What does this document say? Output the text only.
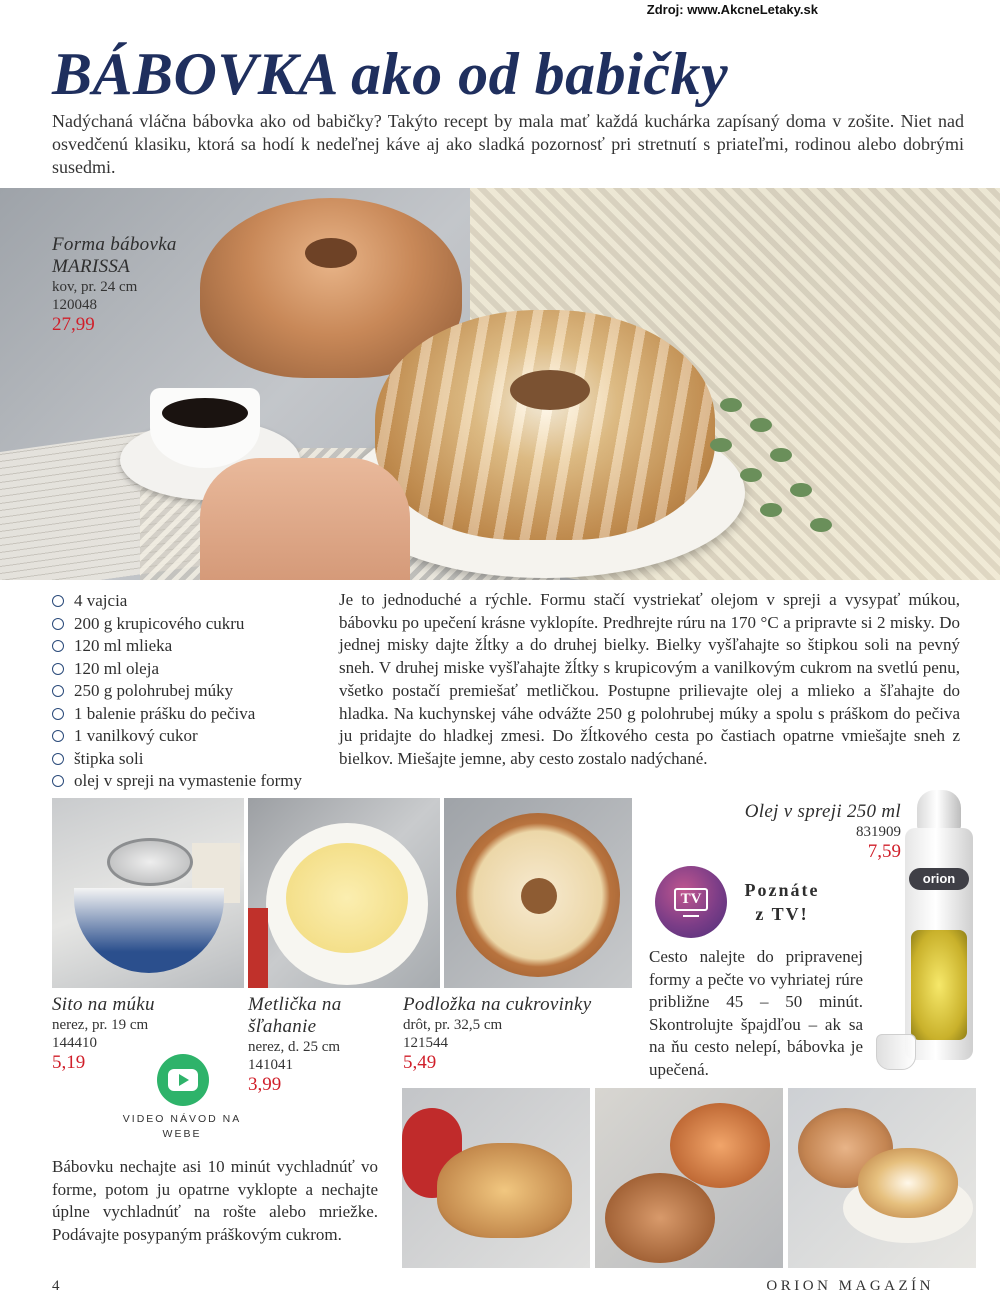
Zdroj: www.AkcneLetaky.sk
BÁBOVKA ako od babičky

Nadýchaná vláčna bábovka ako od babičky? Takýto recept by mala mať každá kuchárka zapísaný doma v zošite. Niet nad osvedčenú klasiku, ktorá sa hodí k nedeľnej káve aj ako sladká pozornosť pri stretnutí s priateľmi, rodinou alebo dobrými susedmi.

Forma bábovka
MARISSA
kov, pr. 24 cm
120048
27,99
4 vajcia
200 g krupicového cukru
120 ml mlieka
120 ml oleja
250 g polohrubej múky
1 balenie prášku do pečiva
1 vanilkový cukor
štipka soli
olej v spreji na vymastenie formy

Je to jednoduché a rýchle. Formu stačí vystriekať olejom v spreji a vysypať múkou, bábovku po upečení krásne vyklopíte. Predhrejte rúru na 170 °C a pripravte si 2 misky. Do jednej misky dajte žĺtky a do druhej bielky. Bielky vyšľahajte so štipkou soli na pevný sneh. V druhej miske vyšľahajte žĺtky s krupicovým a vanilkovým cukrom na svetlú penu, všetko postačí premiešať metličkou. Postupne prilievajte olej a mlieko a šľahajte do hladka. Na kuchynskej váhe odvážte 250 g polohrubej múky a spolu s práškom do pečiva ju pridajte do hladkej zmesi. Do žĺtkového cesta po častiach opatrne vmiešajte sneh z bielkov. Miešajte jemne, aby cesto zostalo nadýchané.

Sito na múku
nerez, pr. 19 cm
144410
5,19
Metlička na šľahanie
nerez, d. 25 cm
141041
3,99
Podložka na cukrovinky
drôt, pr. 32,5 cm
121544
5,49
Olej v spreji 250 ml
831909
7,59
orion
TV	Poznáte z TV!

Cesto nalejte do pripravenej formy a pečte vo vyhriatej rúre približne 45 – 50 minút. Skontrolujte špajdľou – ak sa na ňu cesto nelepí, bábovka je upečená.

VIDEO NÁVOD NA WEBE

Bábovku nechajte asi 10 minút vychladnúť vo forme, potom ju opatrne vyklopte a nechajte úplne vychladnúť na rošte alebo mriežke. Podávajte posypaným práškovým cukrom.

4	ORION MAGAZÍN
